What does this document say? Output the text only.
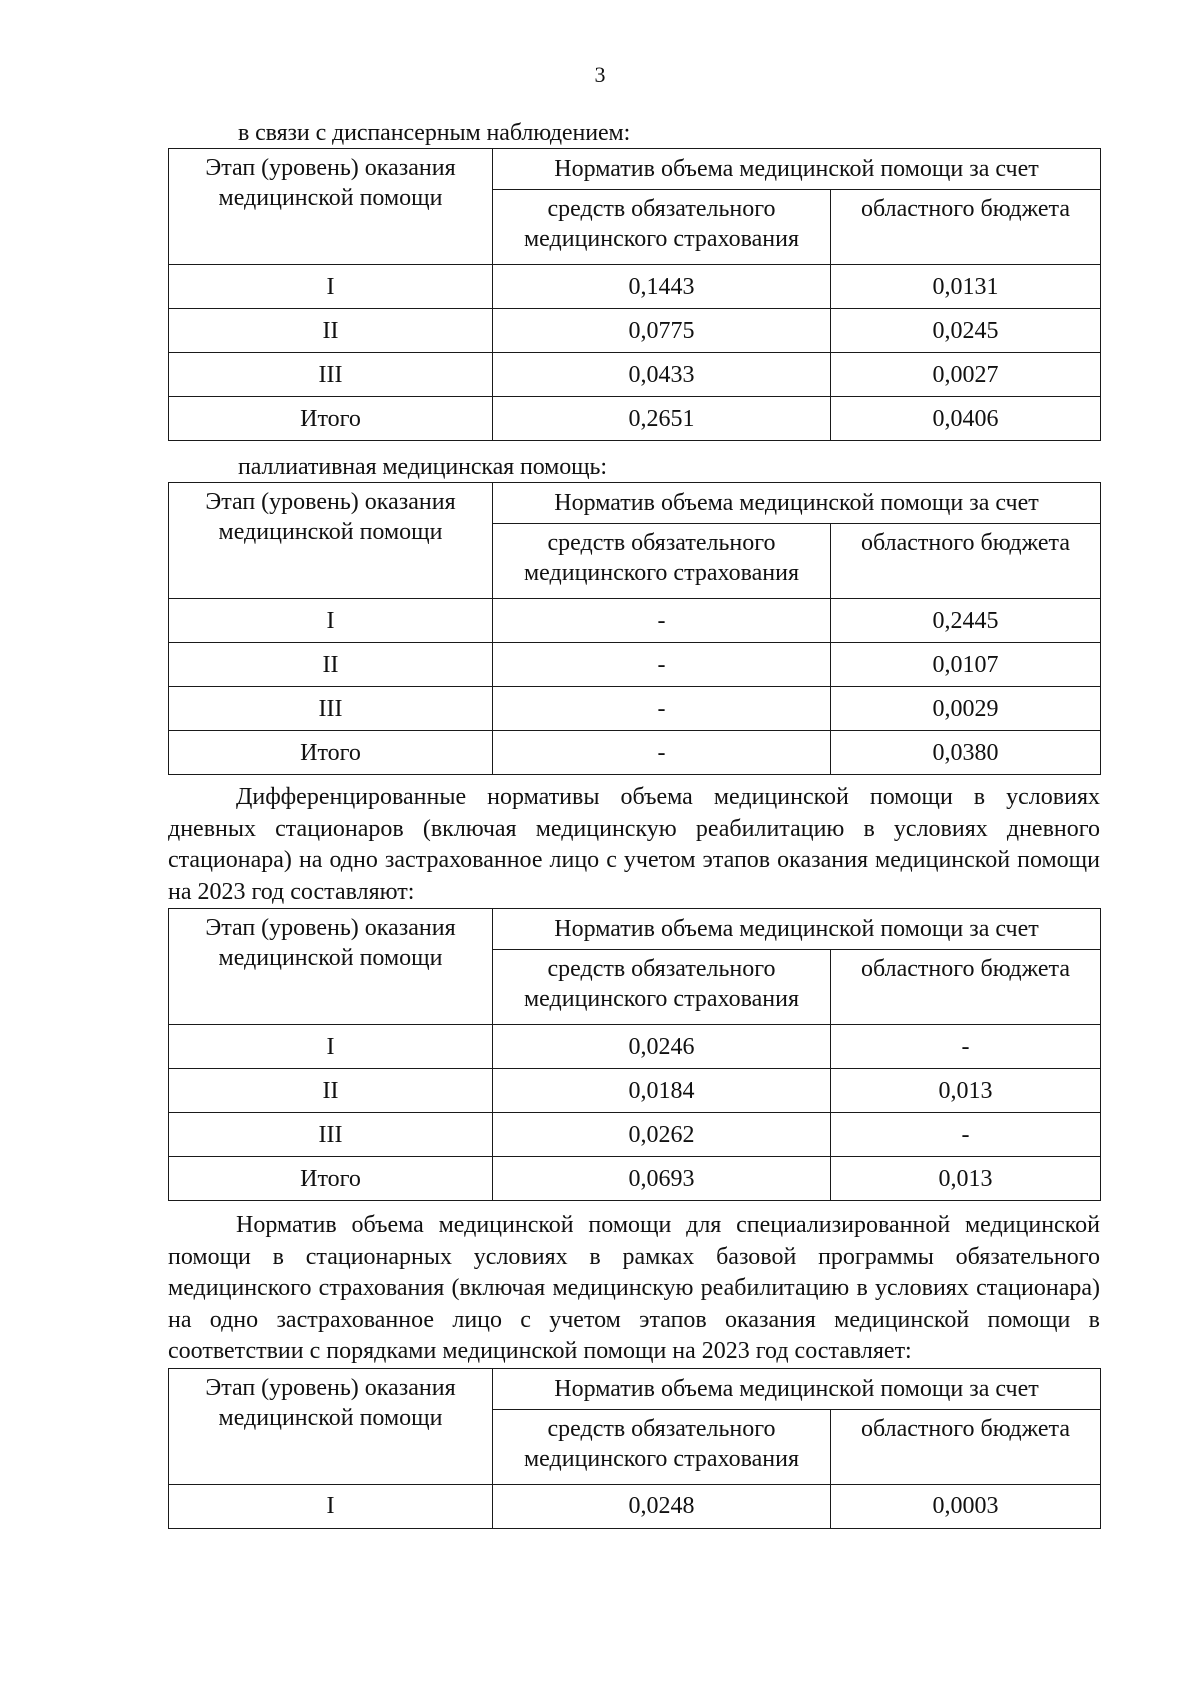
3

в связи с диспансерным наблюдением:

Этап (уровень) оказания медицинской помощи	Норматив объема медицинской помощи за счет	
	средств обязательного медицинского страхования	областного бюджета
I	0,1443	0,0131
II	0,0775	0,0245
III	0,0433	0,0027
Итого	0,2651	0,0406

паллиативная медицинская помощь:

Этап (уровень) оказания медицинской помощи	Норматив объема медицинской помощи за счет	
	средств обязательного медицинского страхования	областного бюджета
I	-	0,2445
II	-	0,0107
III	-	0,0029
Итого	-	0,0380

Дифференцированные нормативы объема медицинской помощи в условиях дневных стационаров (включая медицинскую реабилитацию в условиях дневного стационара) на одно застрахованное лицо с учетом этапов оказания медицинской помощи на 2023 год составляют:

Этап (уровень) оказания медицинской помощи	Норматив объема медицинской помощи за счет	
	средств обязательного медицинского страхования	областного бюджета
I	0,0246	-
II	0,0184	0,013
III	0,0262	-
Итого	0,0693	0,013

Норматив объема медицинской помощи для специализированной медицинской помощи в стационарных условиях в рамках базовой программы обязательного медицинского страхования (включая медицинскую реабилитацию в условиях стационара) на одно застрахованное лицо с учетом этапов оказания медицинской помощи в соответствии с порядками медицинской помощи на 2023 год составляет:

Этап (уровень) оказания медицинской помощи	Норматив объема медицинской помощи за счет	
	средств обязательного медицинского страхования	областного бюджета
I	0,0248	0,0003
